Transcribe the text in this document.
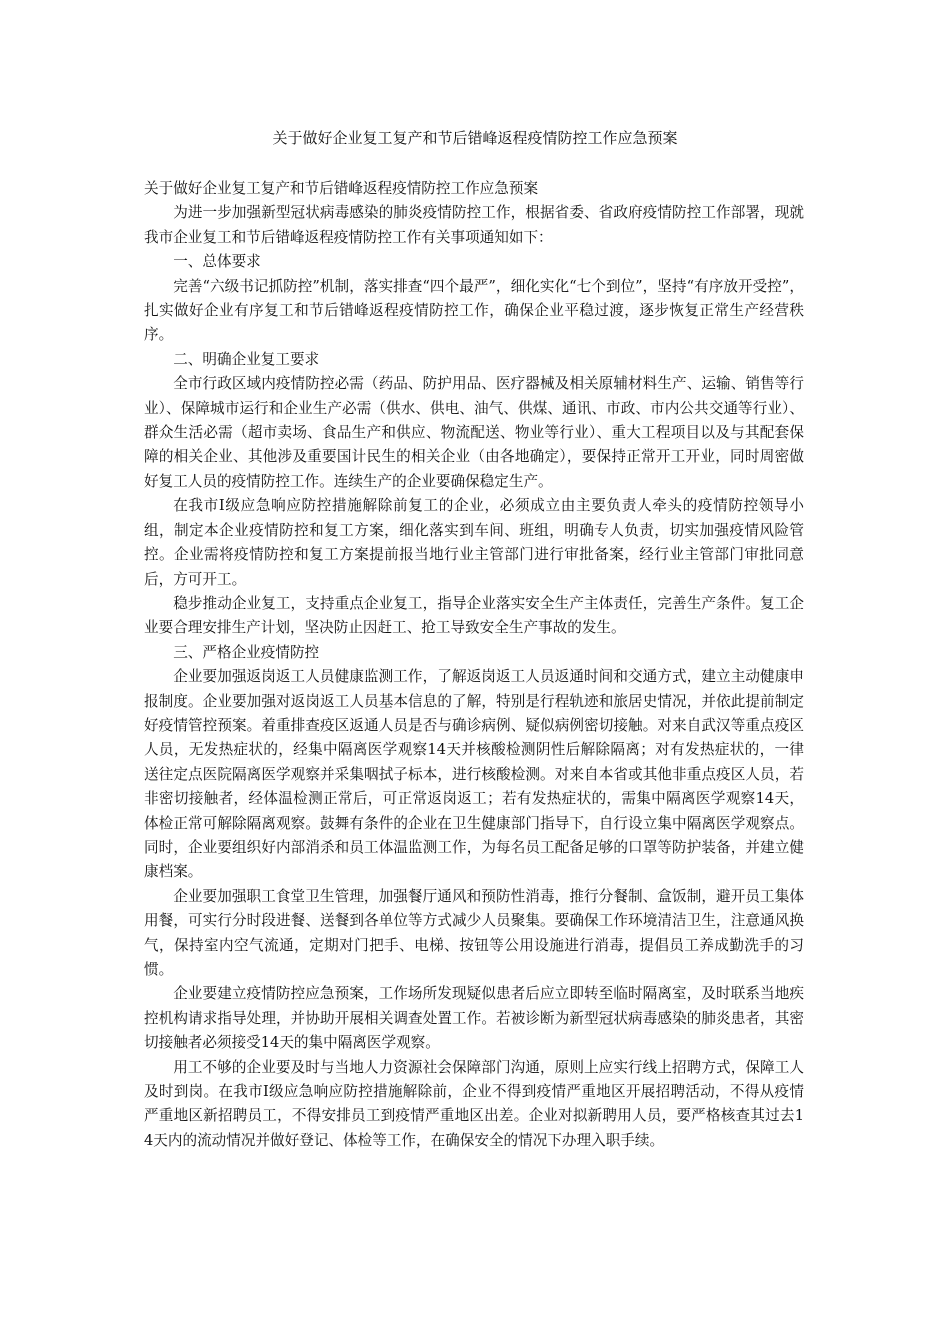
关于做好企业复工复产和节后错峰返程疫情防控工作应急预案

关于做好企业复工复产和节后错峰返程疫情防控工作应急预案

为进一步加强新型冠状病毒感染的肺炎疫情防控工作，根据省委、省政府疫情防控工作部署，现就我市企业复工和节后错峰返程疫情防控工作有关事项通知如下：

一、总体要求

完善“六级书记抓防控”机制，落实排查“四个最严”，细化实化“七个到位”，坚持“有序放开受控”，扎实做好企业有序复工和节后错峰返程疫情防控工作，确保企业平稳过渡，逐步恢复正常生产经营秩序。

二、明确企业复工要求

全市行政区域内疫情防控必需（药品、防护用品、医疗器械及相关原辅材料生产、运输、销售等行业）、保障城市运行和企业生产必需（供水、供电、油气、供煤、通讯、市政、市内公共交通等行业）、群众生活必需（超市卖场、食品生产和供应、物流配送、物业等行业）、重大工程项目以及与其配套保障的相关企业、其他涉及重要国计民生的相关企业（由各地确定），要保持正常开工开业，同时周密做好复工人员的疫情防控工作。连续生产的企业要确保稳定生产。

在我市Ⅰ级应急响应防控措施解除前复工的企业，必须成立由主要负责人牵头的疫情防控领导小组，制定本企业疫情防控和复工方案，细化落实到车间、班组，明确专人负责，切实加强疫情风险管控。企业需将疫情防控和复工方案提前报当地行业主管部门进行审批备案，经行业主管部门审批同意后，方可开工。

稳步推动企业复工，支持重点企业复工，指导企业落实安全生产主体责任，完善生产条件。复工企业要合理安排生产计划，坚决防止因赶工、抢工导致安全生产事故的发生。

三、严格企业疫情防控

企业要加强返岗返工人员健康监测工作，了解返岗返工人员返通时间和交通方式，建立主动健康申报制度。企业要加强对返岗返工人员基本信息的了解，特别是行程轨迹和旅居史情况，并依此提前制定好疫情管控预案。着重排查疫区返通人员是否与确诊病例、疑似病例密切接触。对来自武汉等重点疫区人员，无发热症状的，经集中隔离医学观察14天并核酸检测阴性后解除隔离；对有发热症状的，一律送往定点医院隔离医学观察并采集咽拭子标本，进行核酸检测。对来自本省或其他非重点疫区人员，若非密切接触者，经体温检测正常后，可正常返岗返工；若有发热症状的，需集中隔离医学观察14天，体检正常可解除隔离观察。鼓舞有条件的企业在卫生健康部门指导下，自行设立集中隔离医学观察点。同时，企业要组织好内部消杀和员工体温监测工作，为每名员工配备足够的口罩等防护装备，并建立健康档案。

企业要加强职工食堂卫生管理，加强餐厅通风和预防性消毒，推行分餐制、盒饭制，避开员工集体用餐，可实行分时段进餐、送餐到各单位等方式减少人员聚集。要确保工作环境清洁卫生，注意通风换气，保持室内空气流通，定期对门把手、电梯、按钮等公用设施进行消毒，提倡员工养成勤洗手的习惯。

企业要建立疫情防控应急预案，工作场所发现疑似患者后应立即转至临时隔离室，及时联系当地疾控机构请求指导处理，并协助开展相关调查处置工作。若被诊断为新型冠状病毒感染的肺炎患者，其密切接触者必须接受14天的集中隔离医学观察。

用工不够的企业要及时与当地人力资源社会保障部门沟通，原则上应实行线上招聘方式，保障工人及时到岗。在我市Ⅰ级应急响应防控措施解除前，企业不得到疫情严重地区开展招聘活动，不得从疫情严重地区新招聘员工，不得安排员工到疫情严重地区出差。企业对拟新聘用人员，要严格核查其过去14天内的流动情况并做好登记、体检等工作，在确保安全的情况下办理入职手续。
